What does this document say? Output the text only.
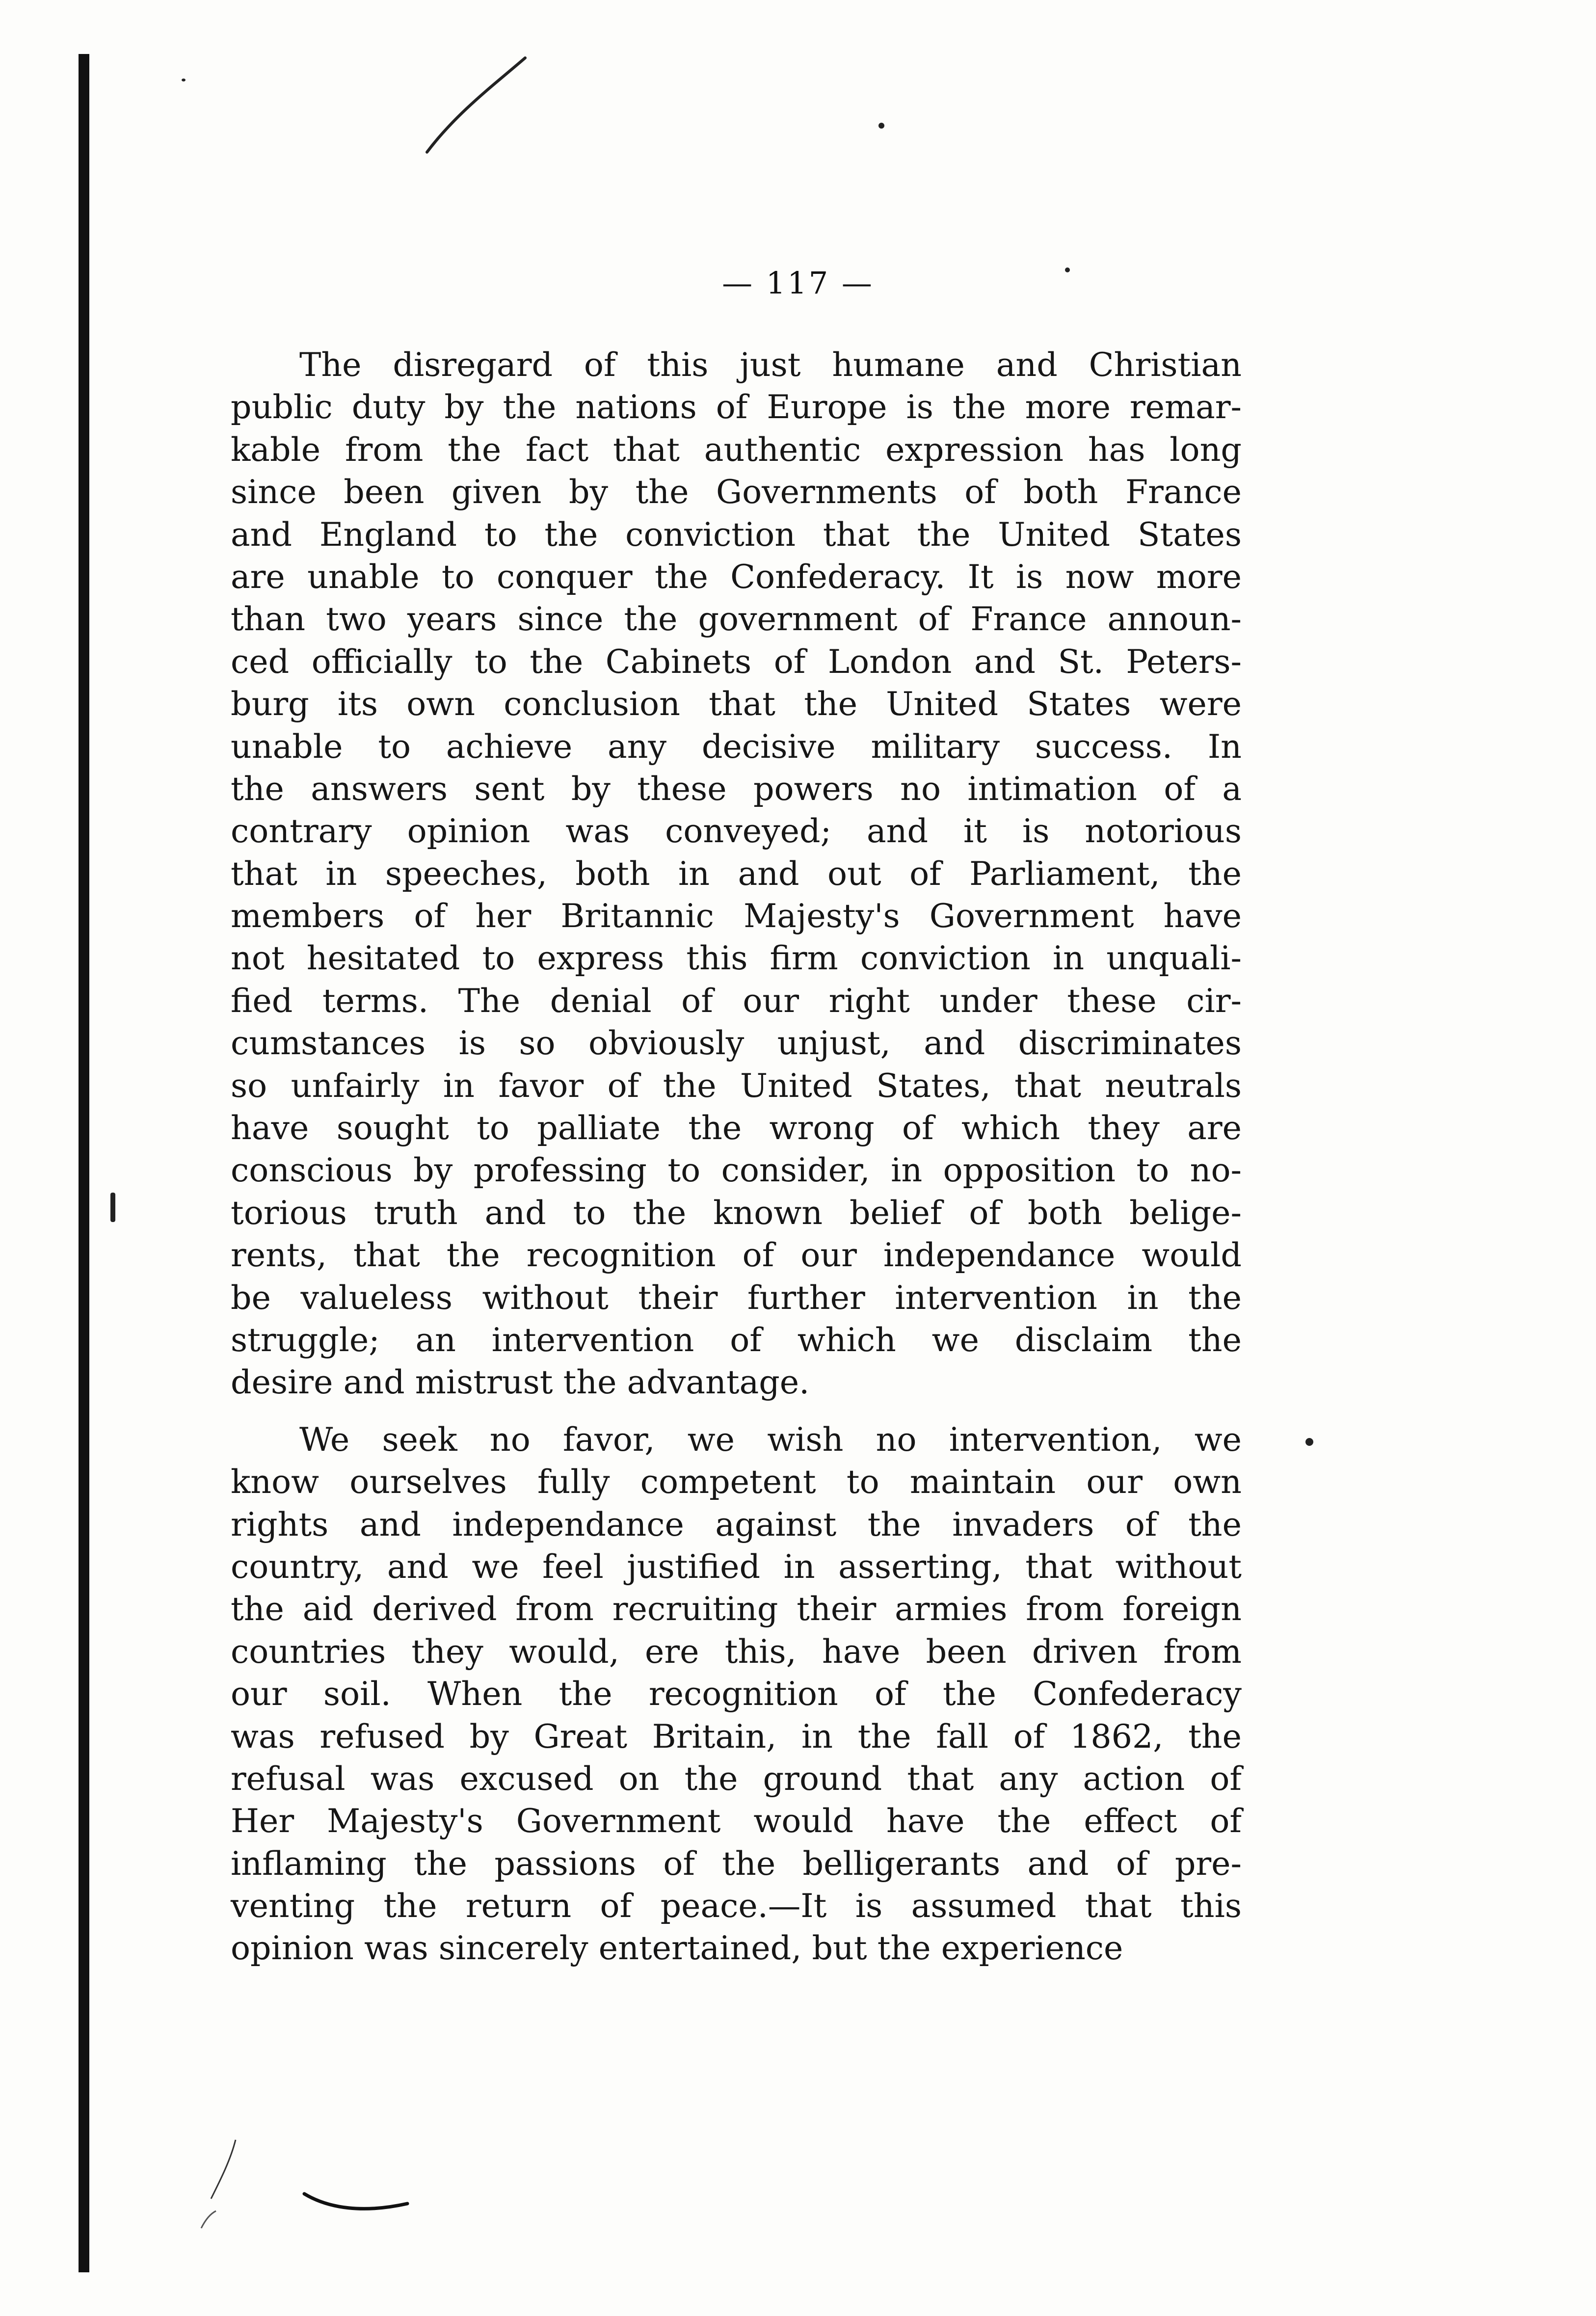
— 117 —
The disregard of this just humane and Christian
public duty by the nations of Europe is the more remar-
kable from the fact that authentic expression has long
since been given by the Governments of both France
and England to the conviction that the United States
are unable to conquer the Confederacy. It is now more
than two years since the government of France announ-
ced officially to the Cabinets of London and St. Peters-
burg its own conclusion that the United States were
unable to achieve any decisive military success. In
the answers sent by these powers no intimation of a
contrary opinion was conveyed; and it is notorious
that in speeches, both in and out of Parliament, the
members of her Britannic Majesty's Government have
not hesitated to express this firm conviction in unquali-
fied terms. The denial of our right under these cir-
cumstances is so obviously unjust, and discriminates
so unfairly in favor of the United States, that neutrals
have sought to palliate the wrong of which they are
conscious by professing to consider, in opposition to no-
torious truth and to the known belief of both belige-
rents, that the recognition of our independance would
be valueless without their further intervention in the
struggle; an intervention of which we disclaim the
desire and mistrust the advantage.
We seek no favor, we wish no intervention, we
know ourselves fully competent to maintain our own
rights and independance against the invaders of the
country, and we feel justified in asserting, that without
the aid derived from recruiting their armies from foreign
countries they would, ere this, have been driven from
our soil. When the recognition of the Confederacy
was refused by Great Britain, in the fall of 1862, the
refusal was excused on the ground that any action of
Her Majesty's Government would have the effect of
inflaming the passions of the belligerants and of pre-
venting the return of peace.—It is assumed that this
opinion was sincerely entertained, but the experience
